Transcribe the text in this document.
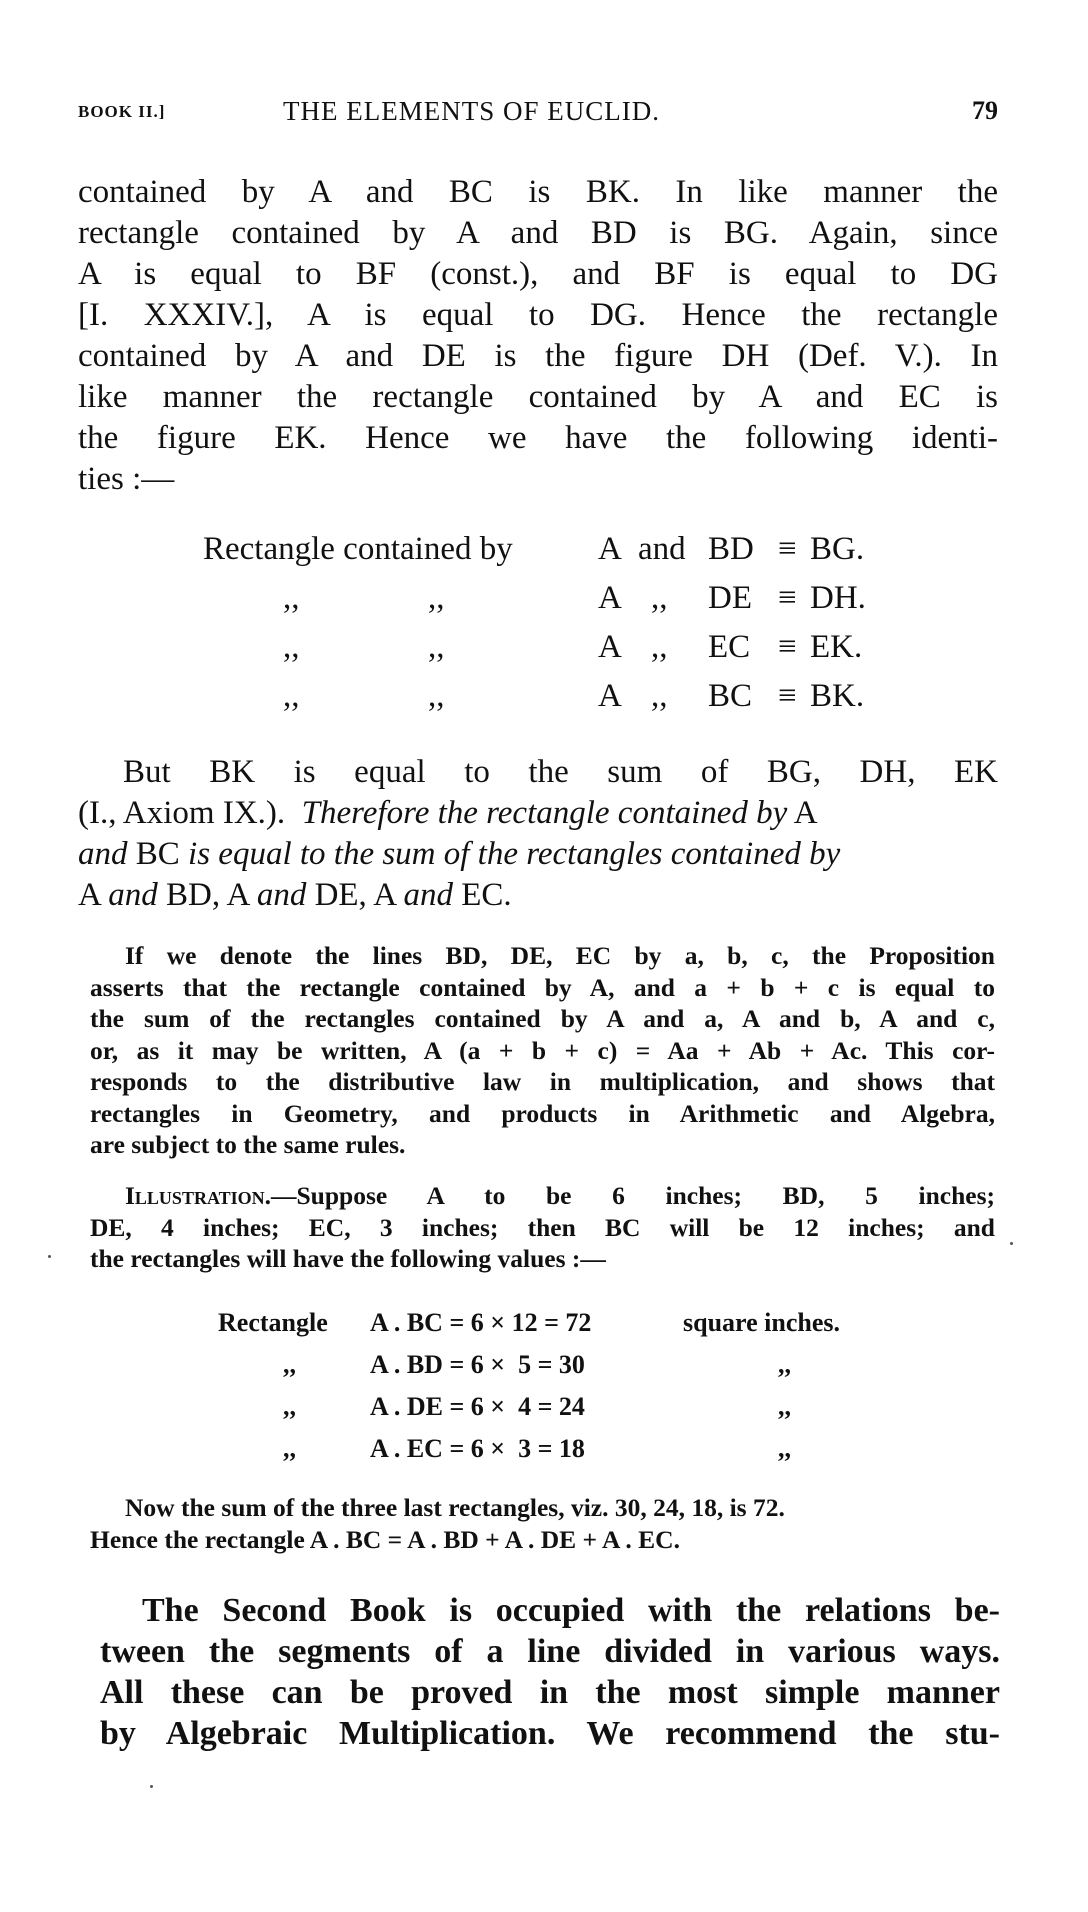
BOOK II.]	THE ELEMENTS OF EUCLID.	79
contained by A and BC is BK. In like manner the
rectangle contained by A and BD is BG. Again, since
A is equal to BF (const.), and BF is equal to DG
[I. XXXIV.], A is equal to DG. Hence the rectangle
contained by A and DE is the figure DH (Def. V.). In
like manner the rectangle contained by A and EC is
the figure EK. Hence we have the following identi-
ties :—
Rectangle contained by	A and BD ≡ BG.
,,	,,	A ,, DE ≡ DH.
,,	,,	A ,, EC ≡ EK.
,,	,,	A ,, BC ≡ BK.
But BK is equal to the sum of BG, DH, EK
(I., Axiom IX.). Therefore the rectangle contained by A
and BC is equal to the sum of the rectangles contained by
A and BD, A and DE, A and EC.
If we denote the lines BD, DE, EC by a, b, c, the Proposition
asserts that the rectangle contained by A, and a + b + c is equal to
the sum of the rectangles contained by A and a, A and b, A and c,
or, as it may be written, A (a + b + c) = Aa + Ab + Ac. This cor-
responds to the distributive law in multiplication, and shows that
rectangles in Geometry, and products in Arithmetic and Algebra,
are subject to the same rules.
Illustration.—Suppose A to be 6 inches; BD, 5 inches;
DE, 4 inches; EC, 3 inches; then BC will be 12 inches; and
the rectangles will have the following values :—
Rectangle A . BC = 6 × 12 = 72	square inches.
,,	A . BD = 6 ×  5 = 30	,,
,,	A . DE = 6 ×  4 = 24	,,
,,	A . EC = 6 ×  3 = 18	,,
Now the sum of the three last rectangles, viz. 30, 24, 18, is 72.
Hence the rectangle A . BC = A . BD + A . DE + A . EC.
The Second Book is occupied with the relations be-
tween the segments of a line divided in various ways.
All these can be proved in the most simple manner
by Algebraic Multiplication. We recommend the stu-
